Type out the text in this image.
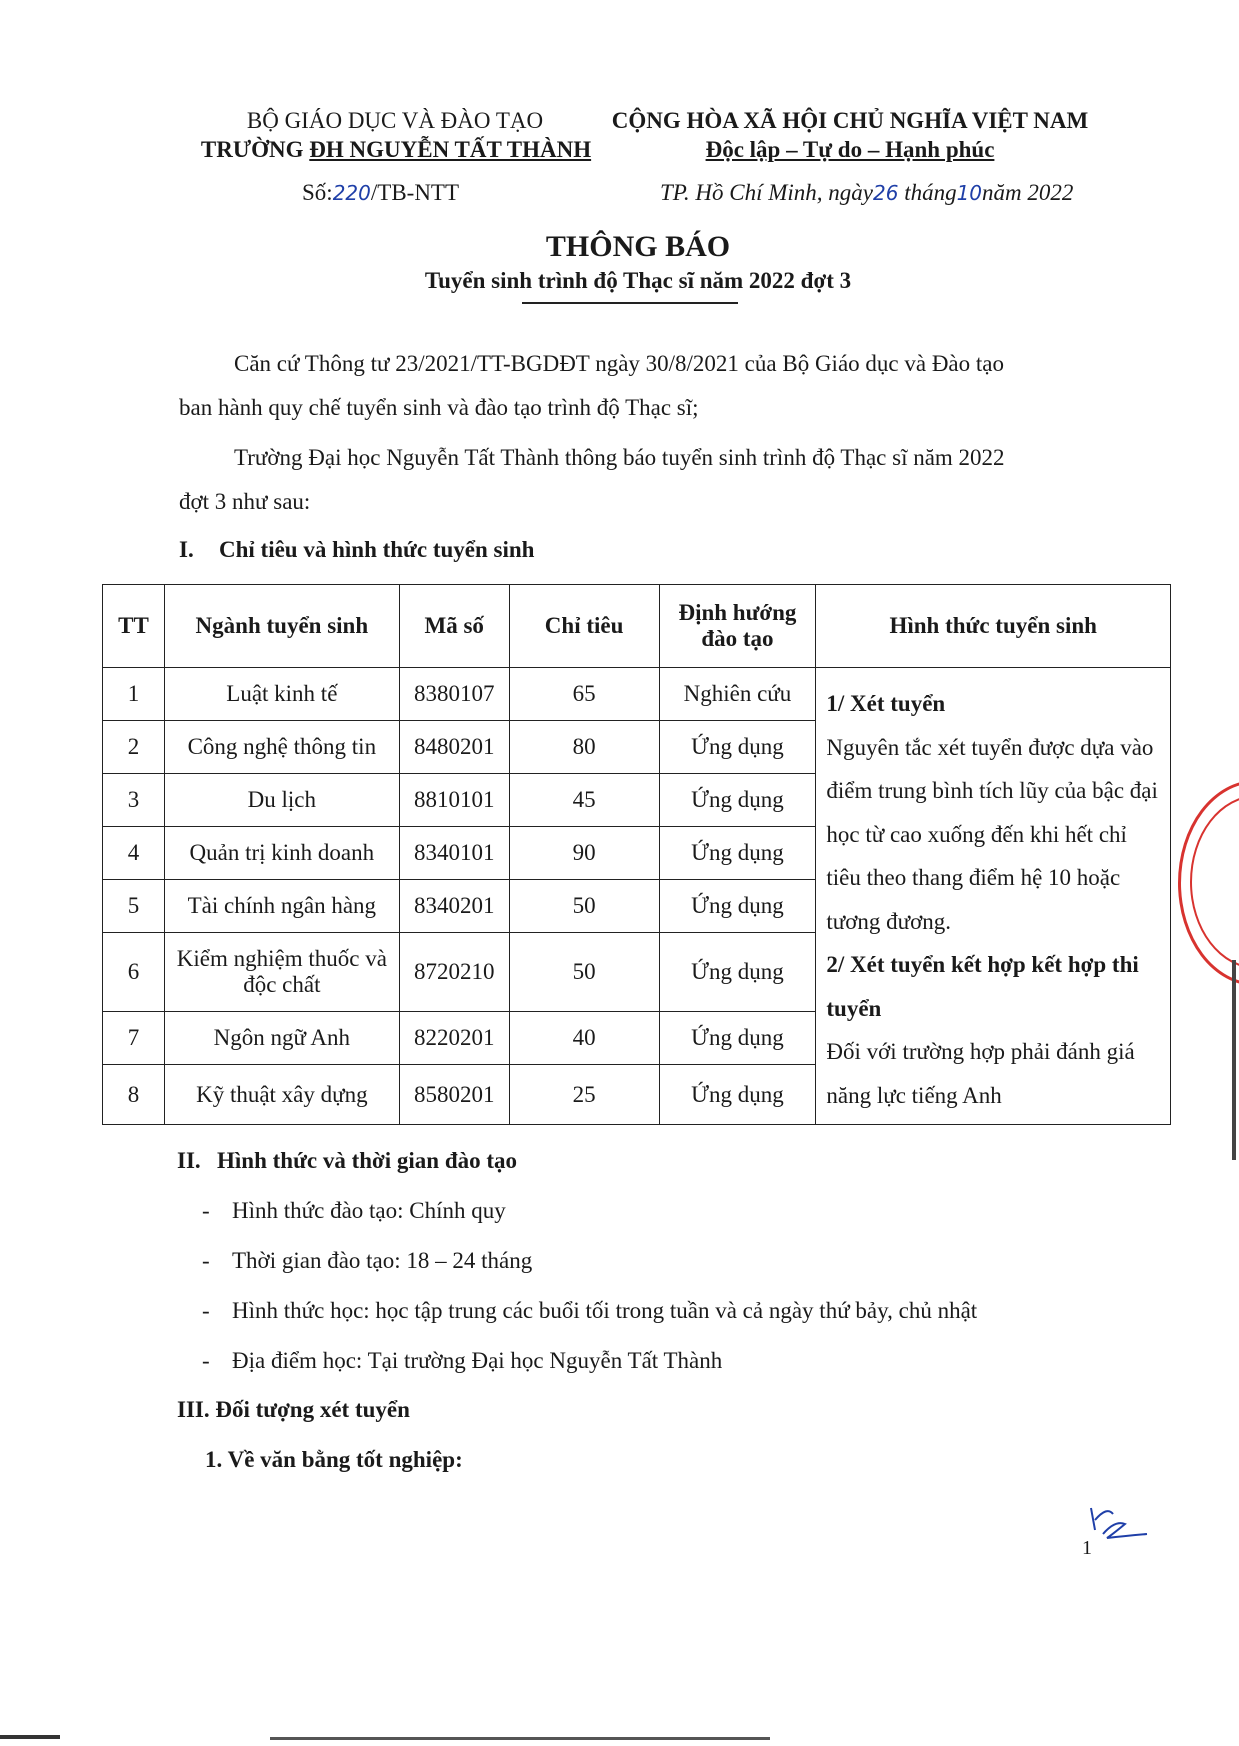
BỘ GIÁO DỤC VÀ ĐÀO TẠO
TRƯỜNG ĐH NGUYỄN TẤT THÀNH
Số:220/TB-NTT
CỘNG HÒA XÃ HỘI CHỦ NGHĨA VIỆT NAM
Độc lập – Tự do – Hạnh phúc
TP. Hồ Chí Minh, ngày26 tháng10năm 2022
THÔNG BÁO
Tuyển sinh trình độ Thạc sĩ năm 2022 đợt 3
Căn cứ Thông tư 23/2021/TT-BGDĐT ngày 30/8/2021 của Bộ Giáo dục và Đào tạo
ban hành quy chế tuyển sinh và đào tạo trình độ Thạc sĩ;
Trường Đại học Nguyễn Tất Thành thông báo tuyển sinh trình độ Thạc sĩ năm 2022
đợt 3 như sau:
I. Chỉ tiêu và hình thức tuyển sinh
TT	Ngành tuyển sinh	Mã số	Chỉ tiêu	Định hướng đào tạo	Hình thức tuyển sinh
1	Luật kinh tế	8380107	65	Nghiên cứu	1/ Xét tuyển
Nguyên tắc xét tuyển được dựa vào điểm trung bình tích lũy của bậc đại học từ cao xuống đến khi hết chỉ tiêu theo thang điểm hệ 10 hoặc tương đương.
2/ Xét tuyển kết hợp kết hợp thi tuyển
Đối với trường hợp phải đánh giá năng lực tiếng Anh

2	Công nghệ thông tin	8480201	80	Ứng dụng	
3	Du lịch	8810101	45	Ứng dụng	
4	Quản trị kinh doanh	8340101	90	Ứng dụng	
5	Tài chính ngân hàng	8340201	50	Ứng dụng	
6	Kiểm nghiệm thuốc và độc chất	8720210	50	Ứng dụng	
7	Ngôn ngữ Anh	8220201	40	Ứng dụng	
8	Kỹ thuật xây dựng	8580201	25	Ứng dụng	
II. Hình thức và thời gian đào tạo
- Hình thức đào tạo: Chính quy
- Thời gian đào tạo: 18 – 24 tháng
- Hình thức học: học tập trung các buổi tối trong tuần và cả ngày thứ bảy, chủ nhật
- Địa điểm học: Tại trường Đại học Nguyễn Tất Thành
III. Đối tượng xét tuyển
1. Về văn bằng tốt nghiệp:
1
